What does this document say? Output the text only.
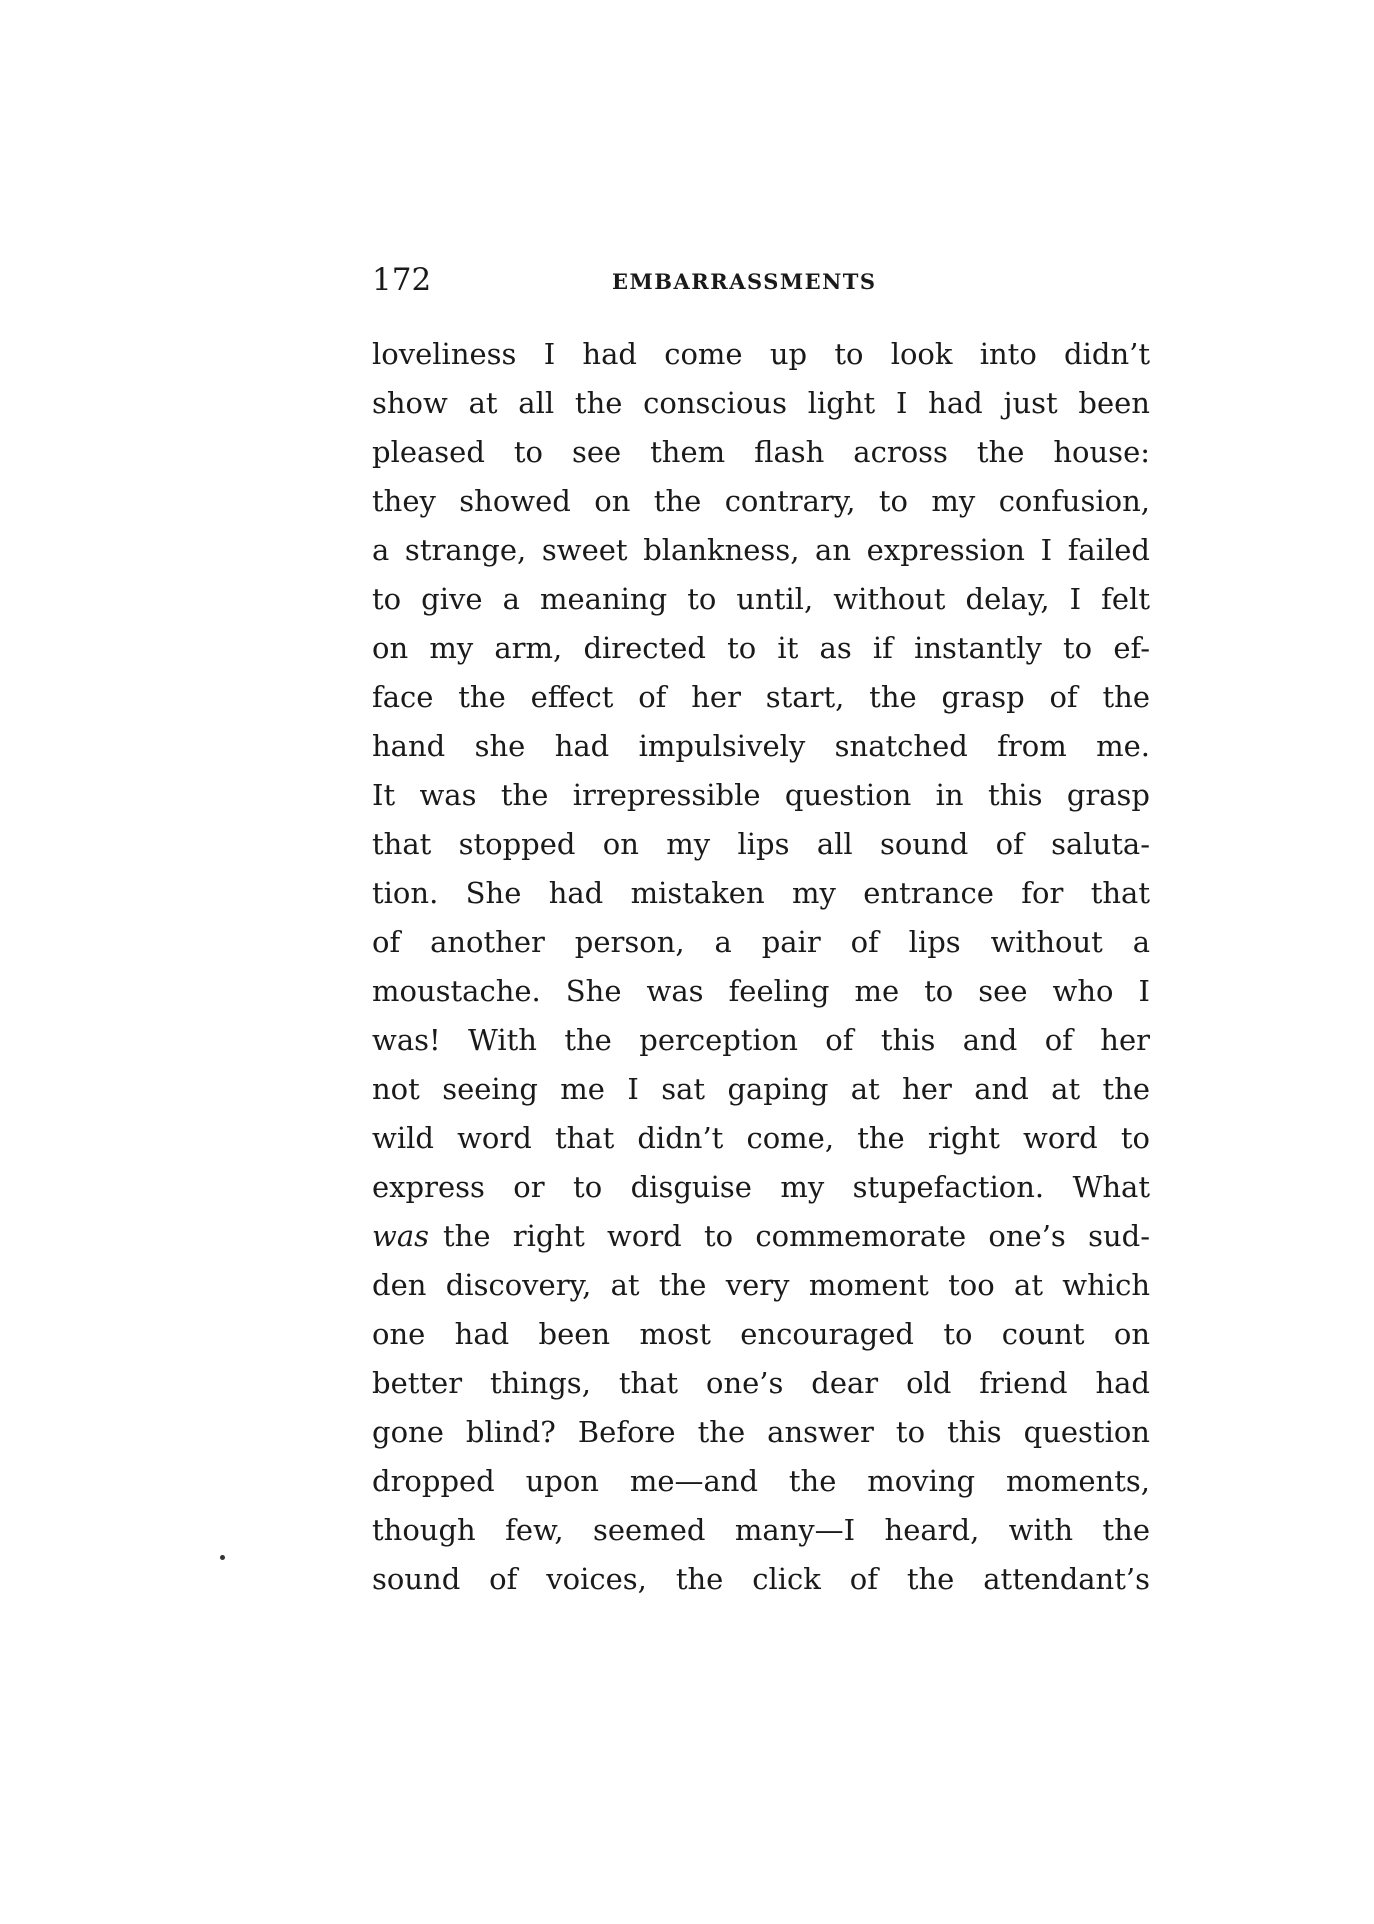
172	EMBARRASSMENTS
loveliness I had come up to look into didn’t
show at all the conscious light I had just been
pleased to see them flash across the house:
they showed on the contrary, to my confusion,
a strange, sweet blankness, an expression I failed
to give a meaning to until, without delay, I felt
on my arm, directed to it as if instantly to ef-
face the effect of her start, the grasp of the
hand she had impulsively snatched from me.
It was the irrepressible question in this grasp
that stopped on my lips all sound of saluta-
tion. She had mistaken my entrance for that
of another person, a pair of lips without a
moustache. She was feeling me to see who I
was! With the perception of this and of her
not seeing me I sat gaping at her and at the
wild word that didn’t come, the right word to
express or to disguise my stupefaction. What
was the right word to commemorate one’s sud-
den discovery, at the very moment too at which
one had been most encouraged to count on
better things, that one’s dear old friend had
gone blind? Before the answer to this question
dropped upon me—and the moving moments,
though few, seemed many—I heard, with the
sound of voices, the click of the attendant’s
